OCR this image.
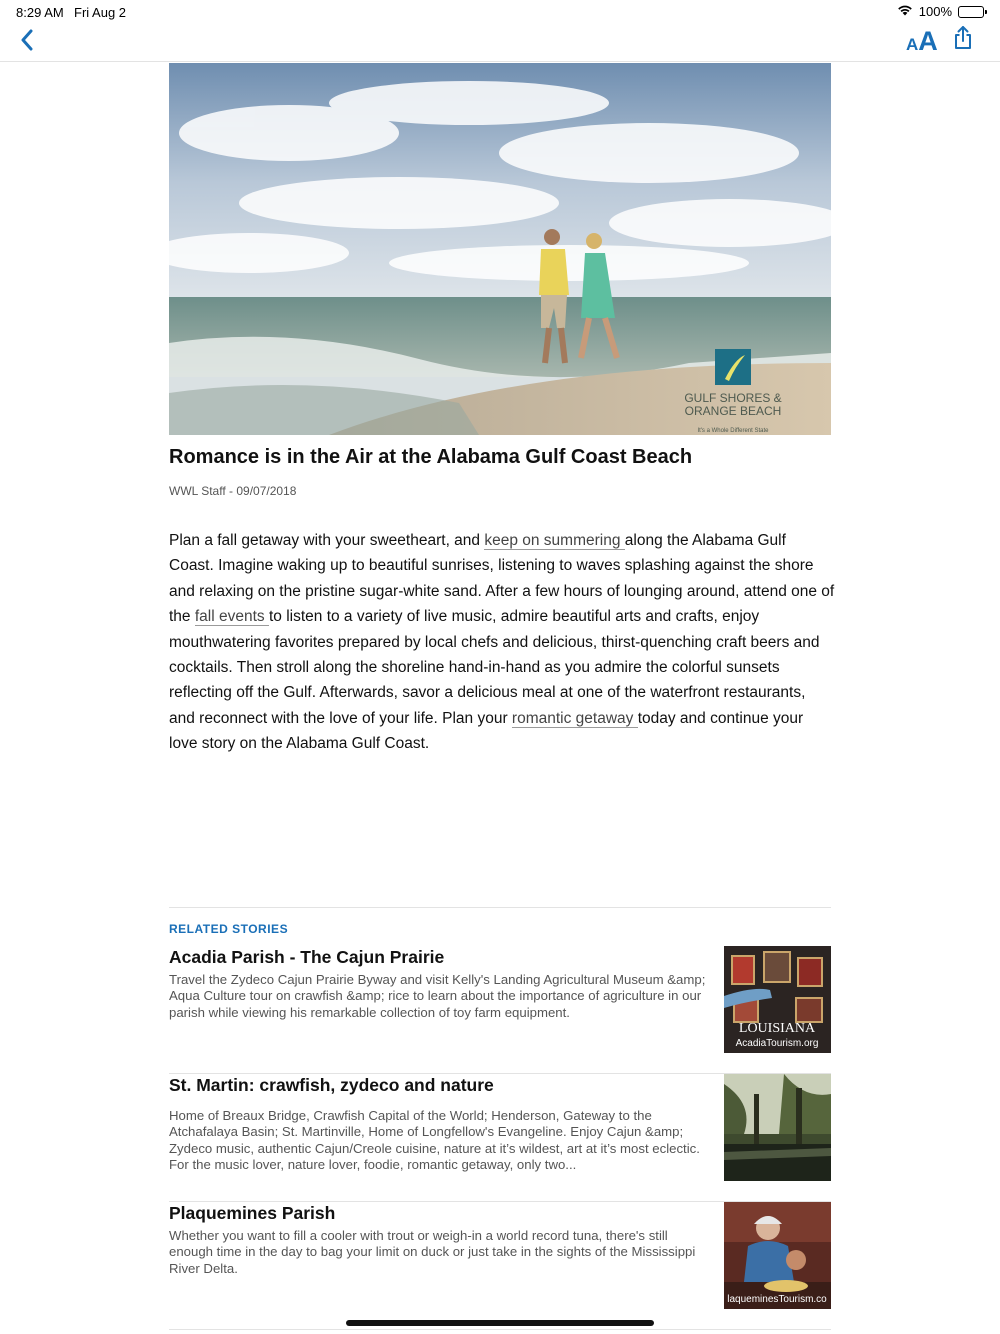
8:29 AM Fri Aug 2	100%
A A
GULF SHORES &
ORANGE BEACH
It's a Whole Different State
Romance is in the Air at the Alabama Gulf Coast Beach
WWL Staff - 09/07/2018

Plan a fall getaway with your sweetheart, and keep on summering along the Alabama Gulf Coast. Imagine waking up to beautiful sunrises, listening to waves splashing against the shore and relaxing on the pristine sugar-white sand. After a few hours of lounging around, attend one of the fall events to listen to a variety of live music, admire beautiful arts and crafts, enjoy mouthwatering favorites prepared by local chefs and delicious, thirst-quenching craft beers and cocktails. Then stroll along the shoreline hand-in-hand as you admire the colorful sunsets reflecting off the Gulf. Afterwards, savor a delicious meal at one of the waterfront restaurants, and reconnect with the love of your life. Plan your romantic getaway today and continue your love story on the Alabama Gulf Coast.

RELATED STORIES
Acadia Parish - The Cajun Prairie
Travel the Zydeco Cajun Prairie Byway and visit Kelly's Landing Agricultural Museum &amp; Aqua Culture tour on crawfish &amp; rice to learn about the importance of agriculture in our parish while viewing his remarkable collection of toy farm equipment.
LOUISIANA
AcadiaTourism.org
St. Martin: crawfish, zydeco and nature
Home of Breaux Bridge, Crawfish Capital of the World; Henderson, Gateway to the Atchafalaya Basin; St. Martinville, Home of Longfellow's Evangeline. Enjoy Cajun &amp; Zydeco music, authentic Cajun/Creole cuisine, nature at it’s wildest, art at it’s most eclectic. For the music lover, nature lover, foodie, romantic getaway, only two...
Plaquemines Parish
Whether you want to fill a cooler with trout or weigh-in a world record tuna, there's still enough time in the day to bag your limit on duck or just take in the sights of the Mississippi River Delta.
laqueminesTourism.co
